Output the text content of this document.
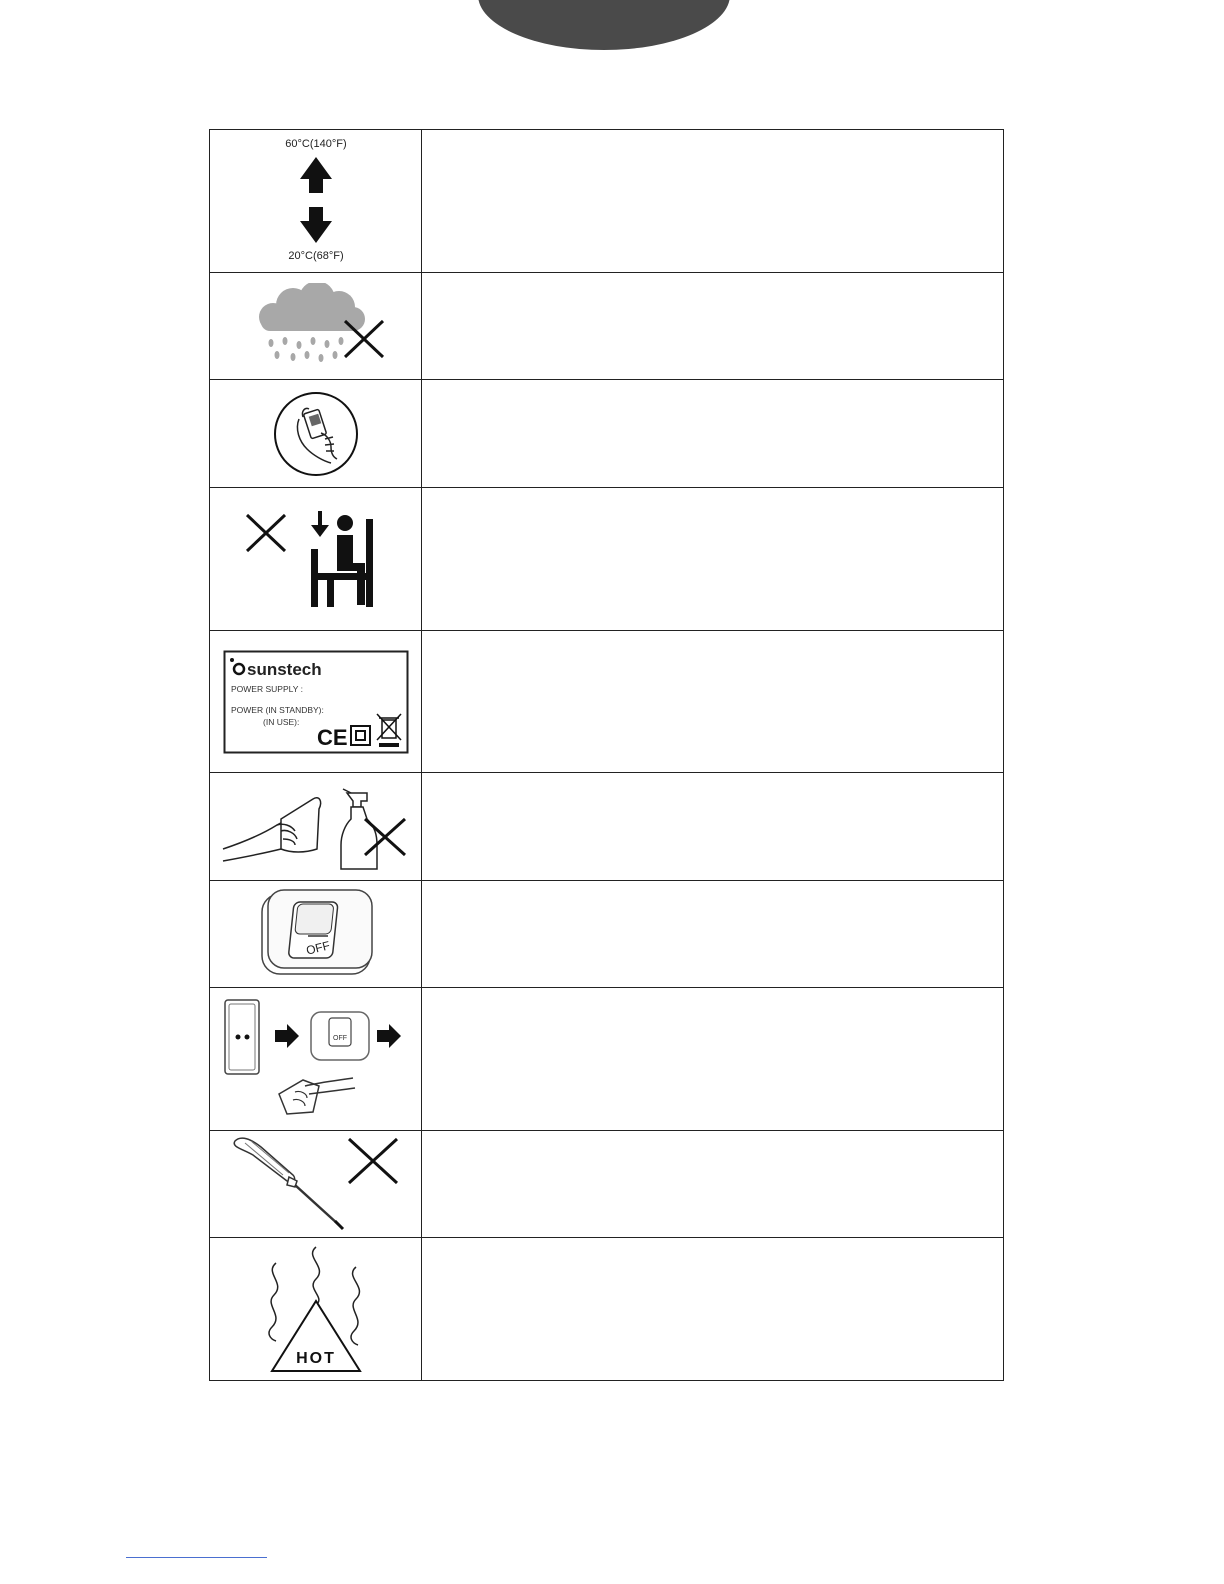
60°C(140°F)
20°C(68°F)	

sunstech
POWER SUPPLY :
POWER (IN STANDBY):
(IN USE):
CE	

OFF	

OFF	

HOT	
